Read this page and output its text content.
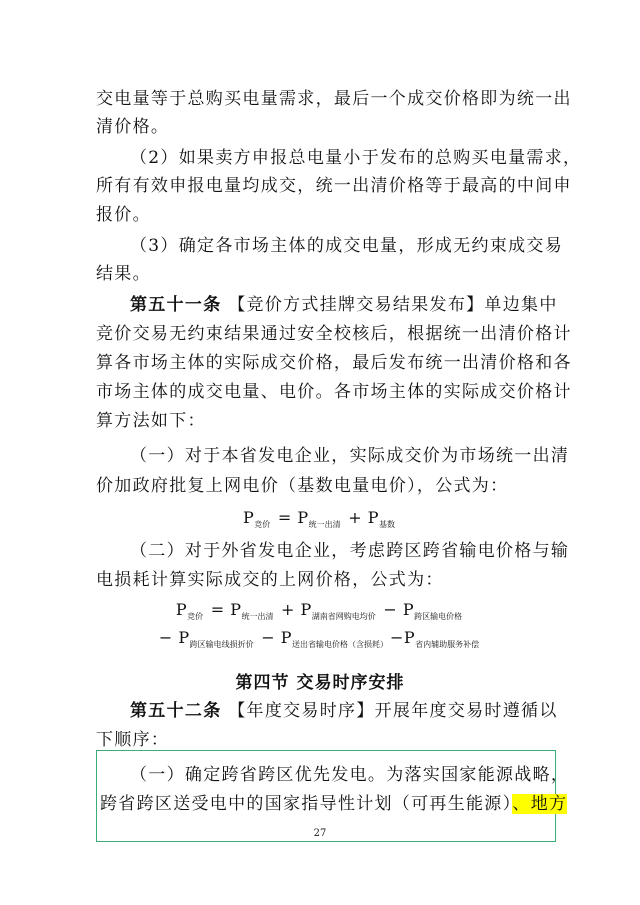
交电量等于总购买电量需求，最后一个成交价格即为统一出
清价格。
（2）如果卖方申报总电量小于发布的总购买电量需求，
所有有效申报电量均成交，统一出清价格等于最高的中间申
报价。
（3）确定各市场主体的成交电量，形成无约束成交易
结果。
第五十一条 【竞价方式挂牌交易结果发布】单边集中
竞价交易无约束结果通过安全校核后，根据统一出清价格计
算各市场主体的实际成交价格，最后发布统一出清价格和各
市场主体的成交电量、电价。各市场主体的实际成交价格计
算方法如下：
（一）对于本省发电企业，实际成交价为市场统一出清
价加政府批复上网电价（基数电量电价），公式为：
$P_{竞价} = P_{统一出清} + P_{基数}$
（二）对于外省发电企业，考虑跨区跨省输电价格与输
电损耗计算实际成交的上网价格，公式为：
$P_{竞价} = P_{统一出清} + P_{湖南省网购电均价} - P_{跨区输电价格}$
− $P_{跨区输电线损折价} - P_{送出省输电价格(含损耗)} -P_{省内辅助服务补偿}$
第四节 交易时序安排
第五十二条 【年度交易时序】开展年度交易时遵循以
下顺序：
（一）确定跨省跨区优先发电。为落实国家能源战略，
跨省跨区送受电中的国家指导性计划（可再生能源）、地方
27
